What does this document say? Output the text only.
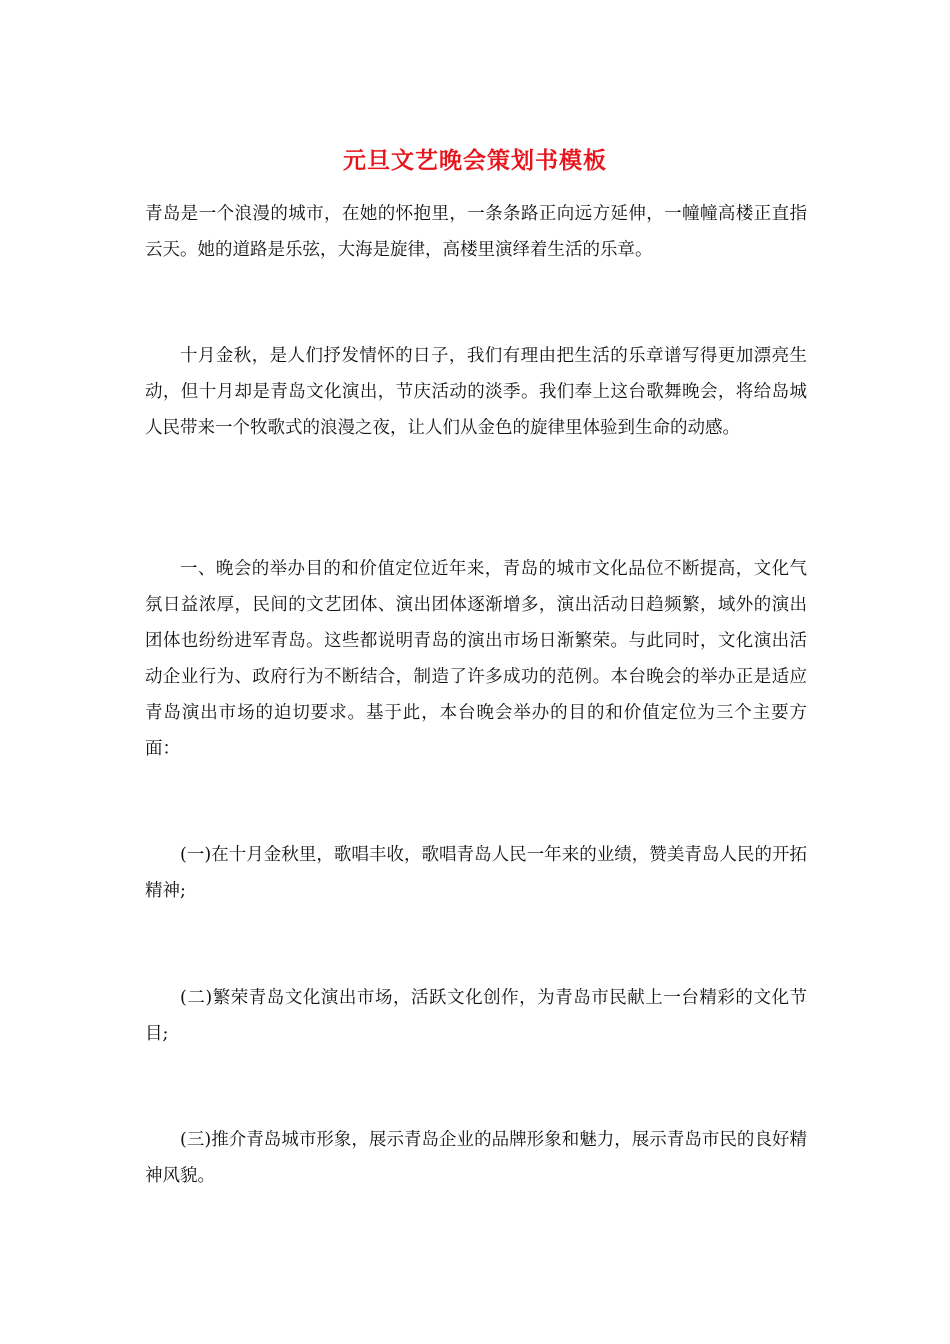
元旦文艺晚会策划书模板

青岛是一个浪漫的城市，在她的怀抱里，一条条路正向远方延伸，一幢幢高楼正直指云天。她的道路是乐弦，大海是旋律，高楼里演绎着生活的乐章。

十月金秋，是人们抒发情怀的日子，我们有理由把生活的乐章谱写得更加漂亮生动，但十月却是青岛文化演出，节庆活动的淡季。我们奉上这台歌舞晚会，将给岛城人民带来一个牧歌式的浪漫之夜，让人们从金色的旋律里体验到生命的动感。

一、晚会的举办目的和价值定位近年来，青岛的城市文化品位不断提高，文化气氛日益浓厚，民间的文艺团体、演出团体逐渐增多，演出活动日趋频繁，域外的演出团体也纷纷进军青岛。这些都说明青岛的演出市场日渐繁荣。与此同时，文化演出活动企业行为、政府行为不断结合，制造了许多成功的范例。本台晚会的举办正是适应青岛演出市场的迫切要求。基于此，本台晚会举办的目的和价值定位为三个主要方面：

(一)在十月金秋里，歌唱丰收，歌唱青岛人民一年来的业绩，赞美青岛人民的开拓精神;

(二)繁荣青岛文化演出市场，活跃文化创作，为青岛市民献上一台精彩的文化节目;

(三)推介青岛城市形象，展示青岛企业的品牌形象和魅力，展示青岛市民的良好精神风貌。
